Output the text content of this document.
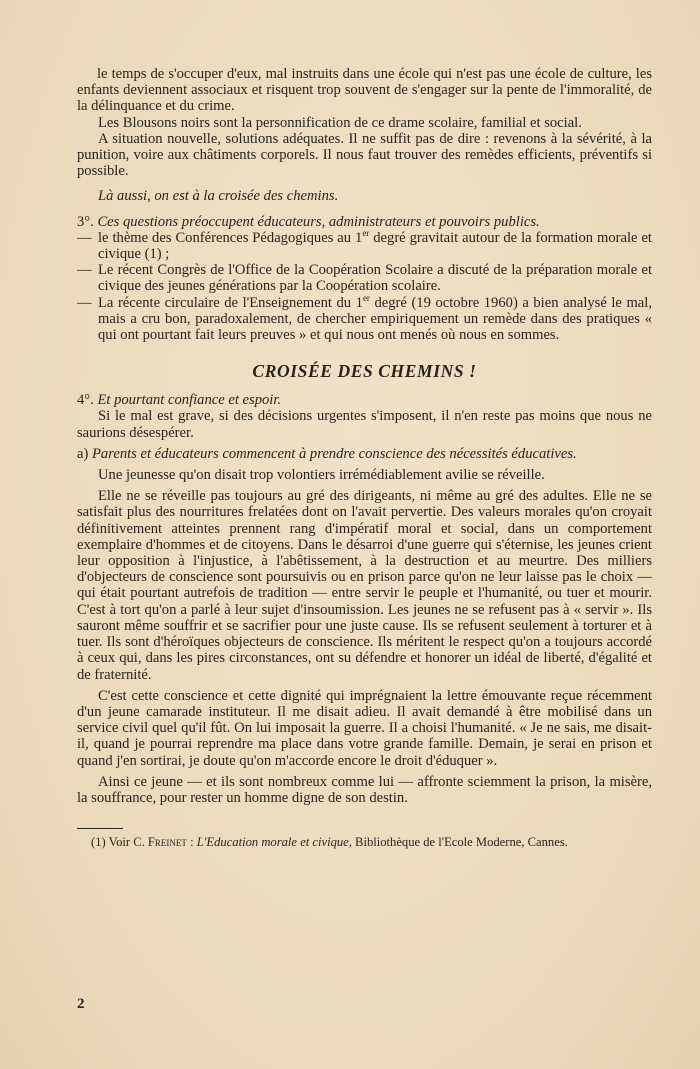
le temps de s'occuper d'eux, mal instruits dans une école qui n'est pas une école de culture, les enfants deviennent associaux et risquent trop souvent de s'engager sur la pente de l'immoralité, de la délinquance et du crime.

Les Blousons noirs sont la personnification de ce drame scolaire, familial et social.

A situation nouvelle, solutions adéquates. Il ne suffit pas de dire : revenons à la sévérité, à la punition, voire aux châtiments corporels. Il nous faut trouver des remèdes efficients, préventifs si possible.

Là aussi, on est à la croisée des chemins.

3°. Ces questions préoccupent éducateurs, administrateurs et pouvoirs publics.

— le thème des Conférences Pédagogiques au 1er degré gravitait autour de la formation morale et civique (1) ;

— Le récent Congrès de l'Office de la Coopération Scolaire a discuté de la préparation morale et civique des jeunes générations par la Coopération scolaire.

— La récente circulaire de l'Enseignement du 1er degré (19 octobre 1960) a bien analysé le mal, mais a cru bon, paradoxalement, de chercher empiriquement un remède dans des pratiques « qui ont pourtant fait leurs preuves » et qui nous ont menés où nous en sommes.

CROISÉE DES CHEMINS !

4°. Et pourtant confiance et espoir.

Si le mal est grave, si des décisions urgentes s'imposent, il n'en reste pas moins que nous ne saurions désespérer.

a) Parents et éducateurs commencent à prendre conscience des nécessités éducatives.

Une jeunesse qu'on disait trop volontiers irrémédiablement avilie se réveille.

Elle ne se réveille pas toujours au gré des dirigeants, ni même au gré des adultes. Elle ne se satisfait plus des nourritures frelatées dont on l'avait pervertie. Des valeurs morales qu'on croyait définitivement atteintes prennent rang d'impératif moral et social, dans un comportement exemplaire d'hommes et de citoyens. Dans le désarroi d'une guerre qui s'éternise, les jeunes crient leur opposition à l'injustice, à l'abêtissement, à la destruction et au meurtre. Des milliers d'objecteurs de conscience sont poursuivis ou en prison parce qu'on ne leur laisse pas le choix — qui était pourtant autrefois de tradition — entre servir le peuple et l'humanité, ou tuer et mourir. C'est à tort qu'on a parlé à leur sujet d'insoumission. Les jeunes ne se refusent pas à « servir ». Ils sauront même souffrir et se sacrifier pour une juste cause. Ils se refusent seulement à torturer et à tuer. Ils sont d'héroïques objecteurs de conscience. Ils méritent le respect qu'on a toujours accordé à ceux qui, dans les pires circonstances, ont su défendre et honorer un idéal de liberté, d'égalité et de fraternité.

C'est cette conscience et cette dignité qui imprégnaient la lettre émouvante reçue récemment d'un jeune camarade instituteur. Il me disait adieu. Il avait demandé à être mobilisé dans un service civil quel qu'il fût. On lui imposait la guerre. Il a choisi l'humanité. « Je ne sais, me disait-il, quand je pourrai reprendre ma place dans votre grande famille. Demain, je serai en prison et quand j'en sortirai, je doute qu'on m'accorde encore le droit d'éduquer ».

Ainsi ce jeune — et ils sont nombreux comme lui — affronte sciemment la prison, la misère, la souffrance, pour rester un homme digne de son destin.

(1) Voir C. Freinet : L'Education morale et civique, Bibliothèque de l'Ecole Moderne, Cannes.

2
